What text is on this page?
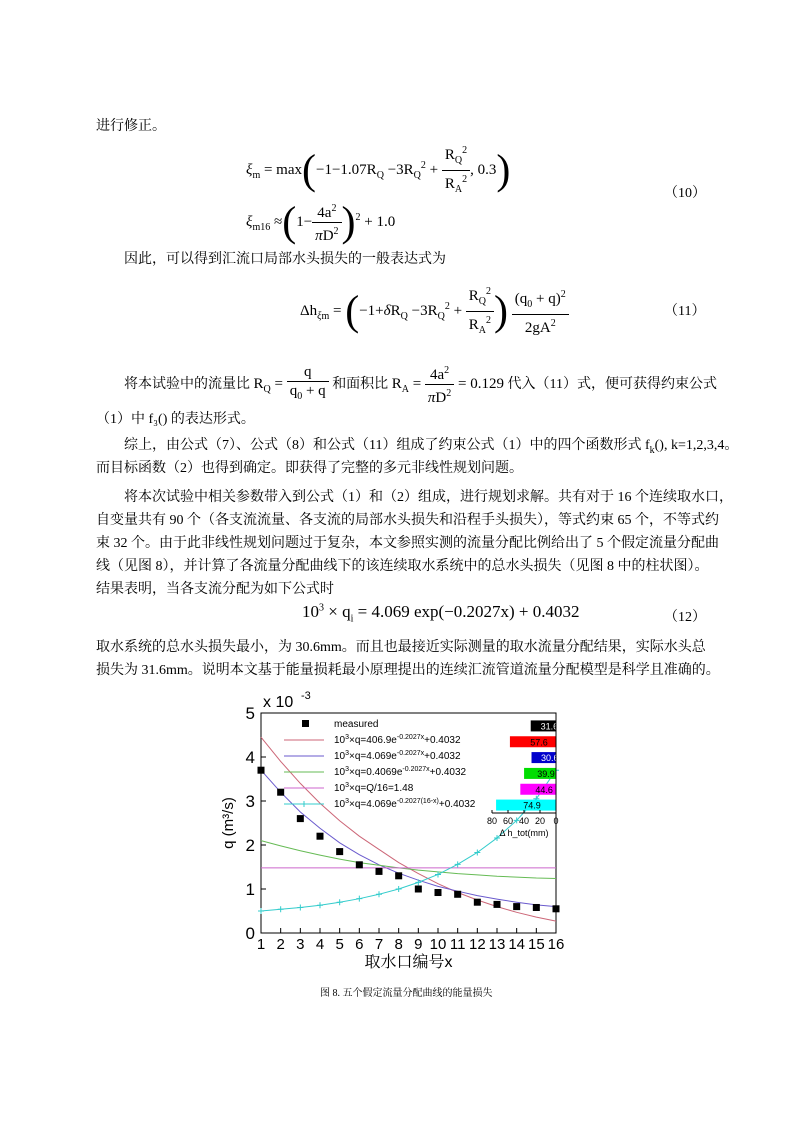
进行修正。
$\xi_m = \max(-1-1.07R_Q -3R_Q^2 + \frac{R_Q^2}{R_A^2}$ , 0.3)	（10）
$\xi_{m16} \approx(1- \frac{4a^2}{\pi D^2} )^2 + 1.0$
因此，可以得到汇流口局部水头损失的一般表达式为
$\Delta h_{\xi m} = (-1+\delta R_Q -3R_Q^2 + \frac{R_Q^2}{R_A^2}$ ) $\frac{(q_0 + q)^2}{2gA^2}$	（11）
将本试验中的流量比 $R_Q = \frac{q}{q_0 + q}$ 和面积比 $R_A = \frac{4a^2}{\pi D^2} = 0.129$ 代入（11）式，便可获得约束公式
（1）中 f₃() 的表达形式。
综上，由公式（7）、公式（8）和公式（11）组成了约束公式（1）中的四个函数形式 $f_k()$, k=1,2,3,4。
而目标函数（2）也得到确定。即获得了完整的多元非线性规划问题。
将本次试验中相关参数带入到公式（1）和（2）组成，进行规划求解。共有对于 16 个连续取水口，
自变量共有 90 个（各支流流量、各支流的局部水头损失和沿程手头损失），等式约束 65 个，不等式约
束 32 个。由于此非线性规划问题过于复杂，本文参照实测的流量分配比例给出了 5 个假定流量分配曲
线（见图 8），并计算了各流量分配曲线下的该连续取水系统中的总水头损失（见图 8 中的柱状图）。
结果表明，当各支流分配为如下公式时
$10^3 \times q_i = 4.069$ exp(−0.2027x) + 0.4032	（12）
取水系统的总水头损失最小，为 30.6mm。而且也最接近实际测量的取水流量分配结果，实际水头总
损失为 31.6mm。说明本文基于能量损耗最小原理提出的连续汇流管道流量分配模型是科学且准确的。
0
1
2
3
4
5
1 2 3 4 5 6 7 8 9 10 11 12 13 14 15 16
取水口编号x
q (m³/s)
x 10 -3
measured
$10^3\times q=406.9e^{-0.2027x}+0.4032$
$10^3\times q=4.069e^{-0.2027x}+0.4032$
$10^3\times q=0.4069e^{-0.2027x}+0.4032$
$10^3\times q=Q/16=1.48$
$10^3\times q=4.069e^{-0.2027(16-x)}+0.4032$
31.6
57.6
30.6
39.9
44.6
74.9
80 60 40 20 0
Δ h_tot(mm)
图 8. 五个假定流量分配曲线的能量损失
